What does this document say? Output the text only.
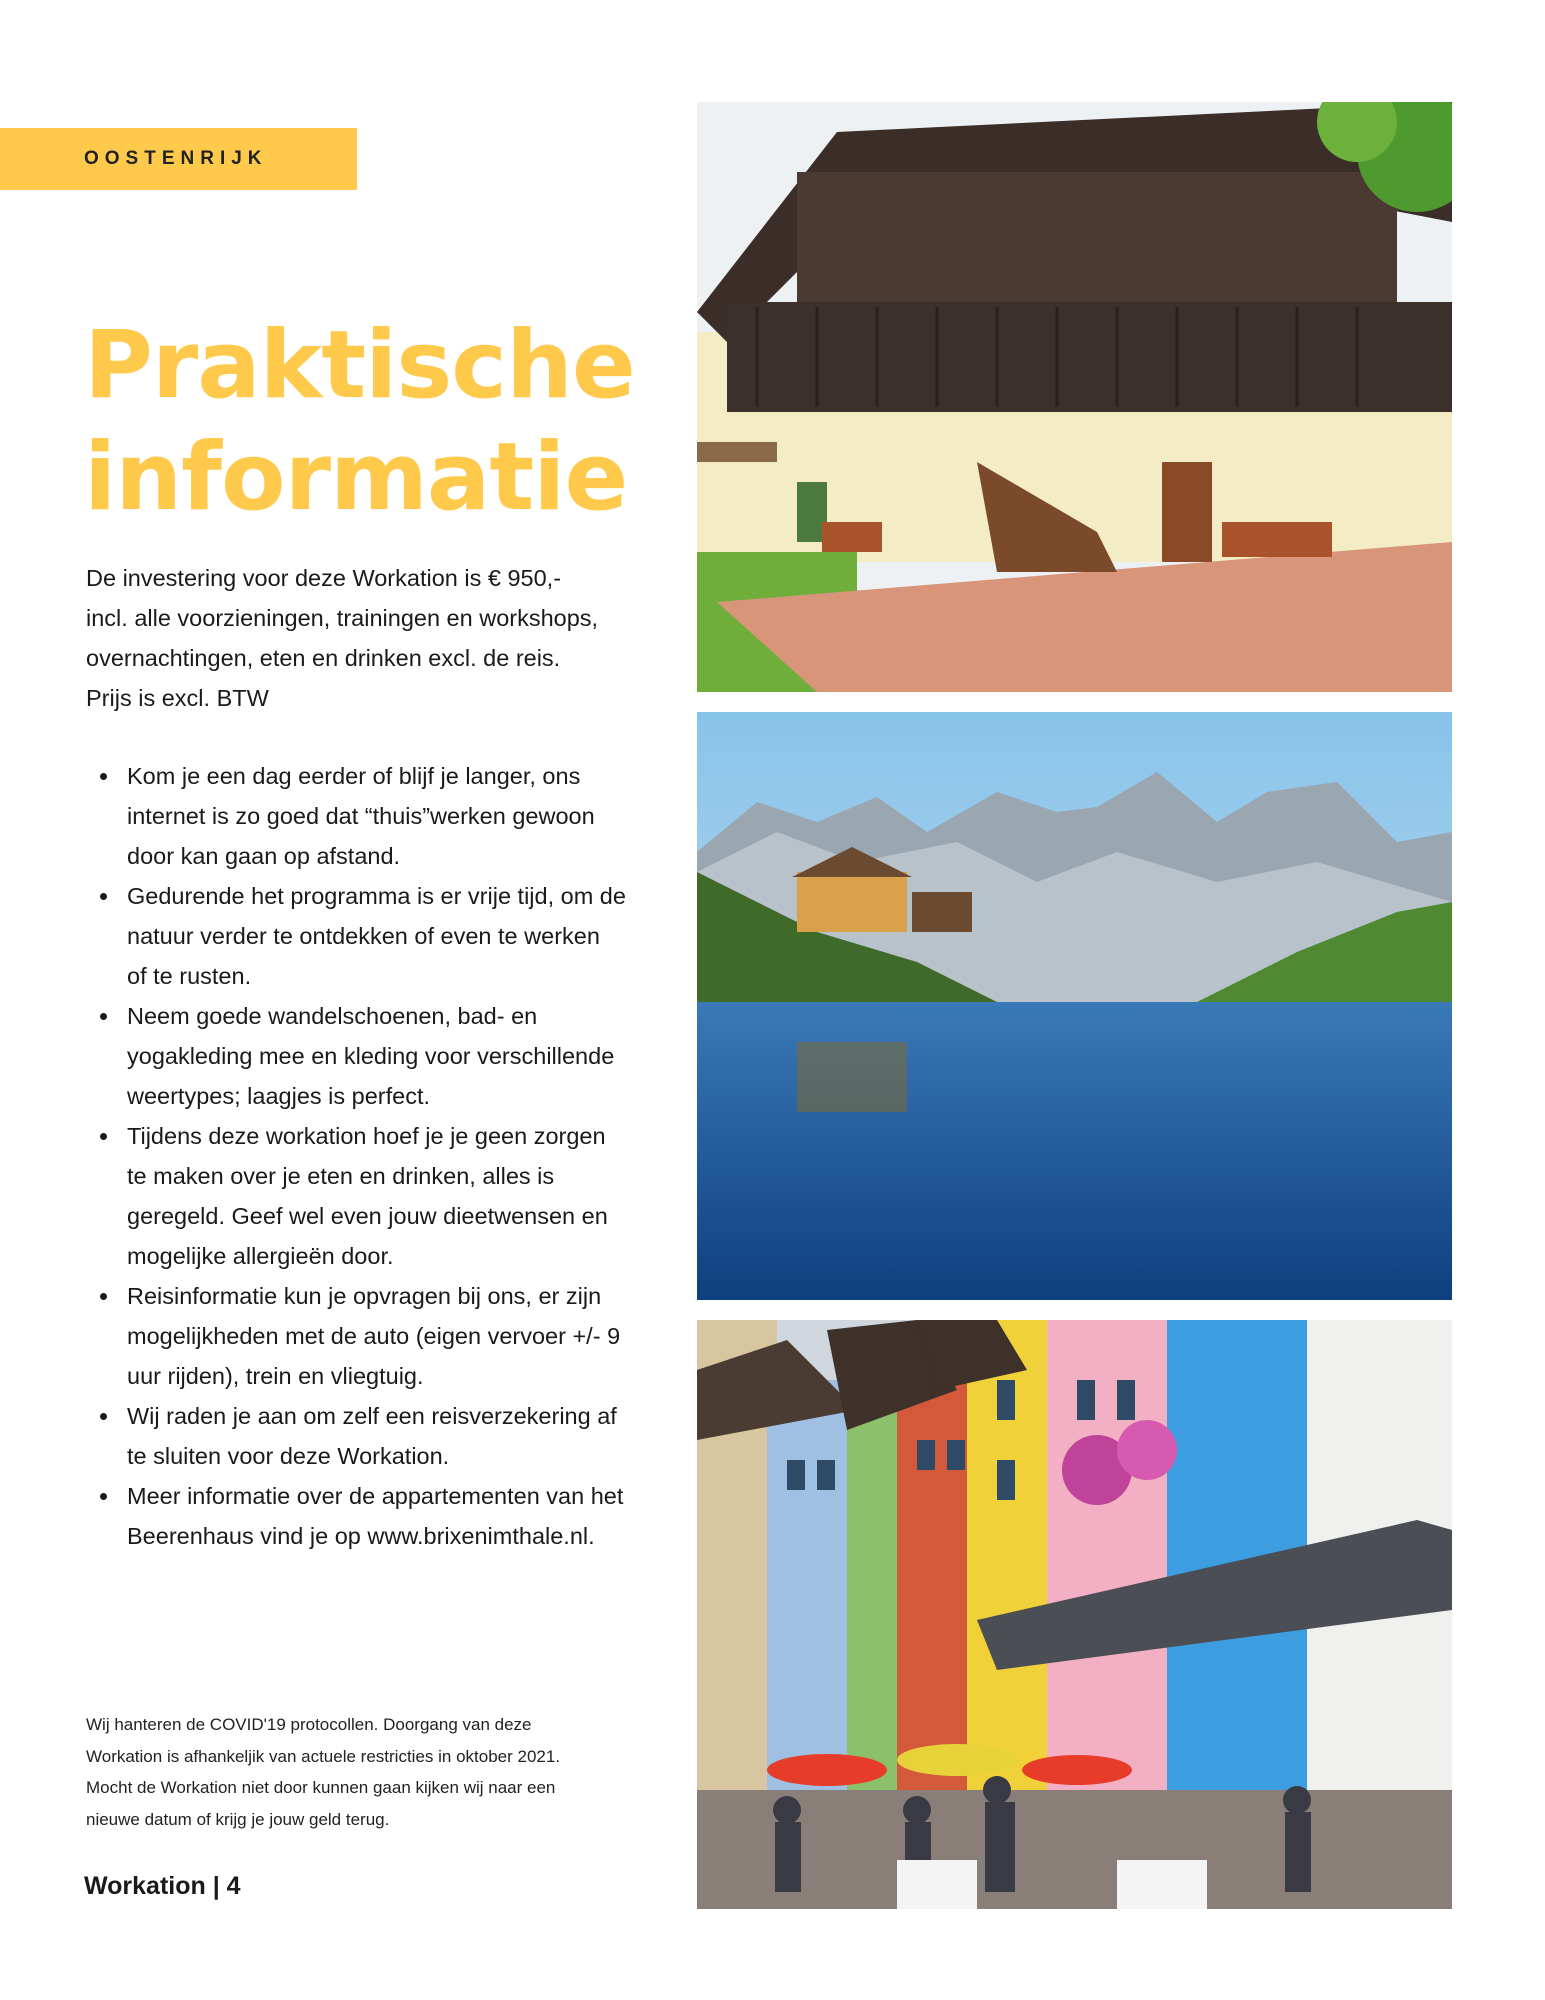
OOSTENRIJK
Praktische
informatie

De investering voor deze Workation is € 950,- incl. alle voorzieningen, trainingen en workshops, overnachtingen, eten en drinken excl. de reis. Prijs is excl. BTW

Kom je een dag eerder of blijf je langer, ons internet is zo goed dat “thuis”werken gewoon door kan gaan op afstand.
Gedurende het programma is er vrije tijd, om de natuur verder te ontdekken of even te werken of te rusten.
Neem goede wandelschoenen, bad- en yogakleding mee en kleding voor verschillende weertypes; laagjes is perfect.
Tijdens deze workation hoef je je geen zorgen te maken over je eten en drinken, alles is geregeld. Geef wel even jouw dieetwensen en mogelijke allergieën door.
Reisinformatie kun je opvragen bij ons, er zijn mogelijkheden met de auto (eigen vervoer +/- 9 uur rijden), trein en vliegtuig.
Wij raden je aan om zelf een reisverzekering af te sluiten voor deze Workation.
Meer informatie over de appartementen van het Beerenhaus vind je op www.brixenimthale.nl.

Wij hanteren de COVID'19 protocollen. Doorgang van deze Workation is afhankeljik van actuele restricties in oktober 2021. Mocht de Workation niet door kunnen gaan kijken wij naar een nieuwe datum of krijg je jouw geld terug.

Workation | 4
